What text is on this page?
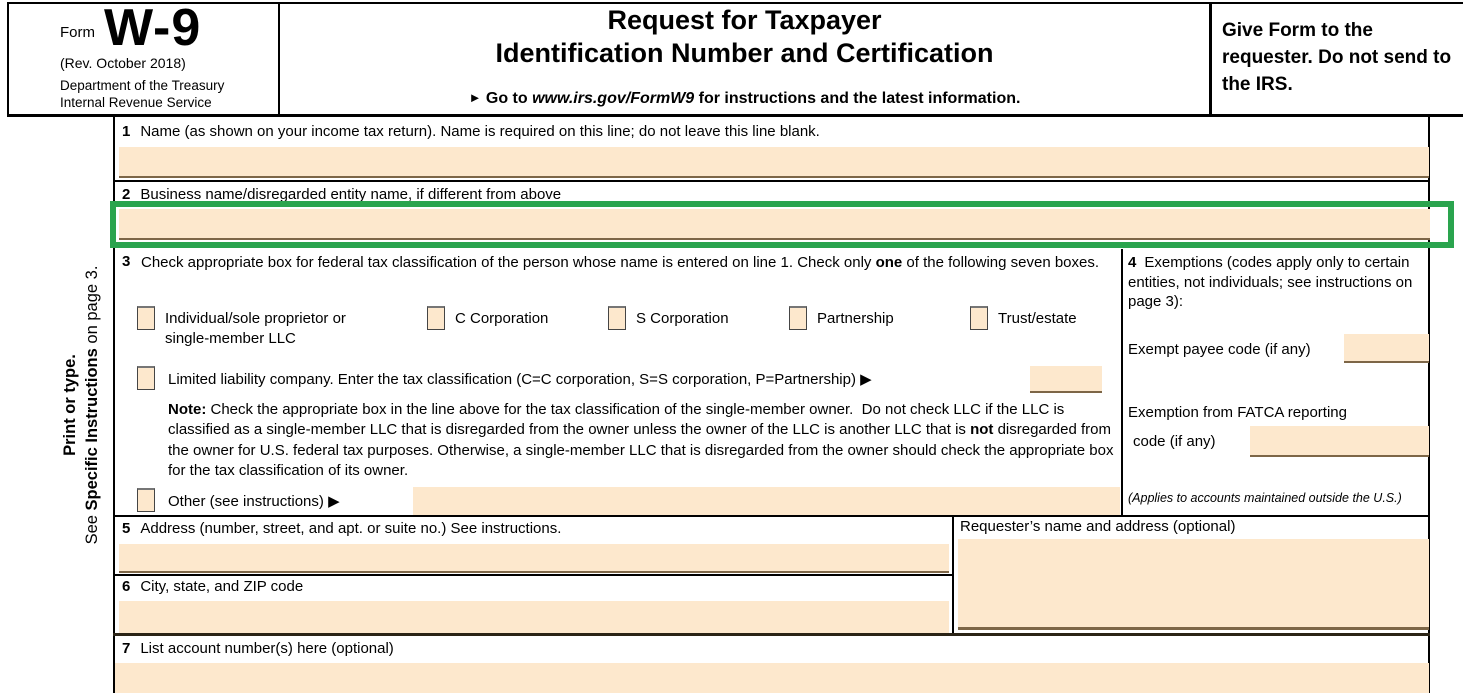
Form W-9
(Rev. October 2018)
Department of the Treasury
Internal Revenue Service
Request for Taxpayer
Identification Number and Certification
► Go to www.irs.gov/FormW9 for instructions and the latest information.
Give Form to the requester. Do not send to the IRS.
Print or type.
See Specific Instructions on page 3.
1 Name (as shown on your income tax return). Name is required on this line; do not leave this line blank.
2 Business name/disregarded entity name, if different from above
3 Check appropriate box for federal tax classification of the person whose name is entered on line 1. Check only one of the following seven boxes.
Individual/sole proprietor or single-member LLC
C Corporation	S Corporation	Partnership	Trust/estate
Limited liability company. Enter the tax classification (C=C corporation, S=S corporation, P=Partnership) ▶
Note: Check the appropriate box in the line above for the tax classification of the single-member owner.  Do not check LLC if the LLC is classified as a single-member LLC that is disregarded from the owner unless the owner of the LLC is another LLC that is not disregarded from the owner for U.S. federal tax purposes. Otherwise, a single-member LLC that is disregarded from the owner should check the appropriate box for the tax classification of its owner.
Other (see instructions) ▶
4 Exemptions (codes apply only to certain entities, not individuals; see instructions on page 3):
Exempt payee code (if any)
Exemption from FATCA reporting
code (if any)
(Applies to accounts maintained outside the U.S.)
5 Address (number, street, and apt. or suite no.) See instructions.	Requester’s name and address (optional)
6 City, state, and ZIP code
7 List account number(s) here (optional)
